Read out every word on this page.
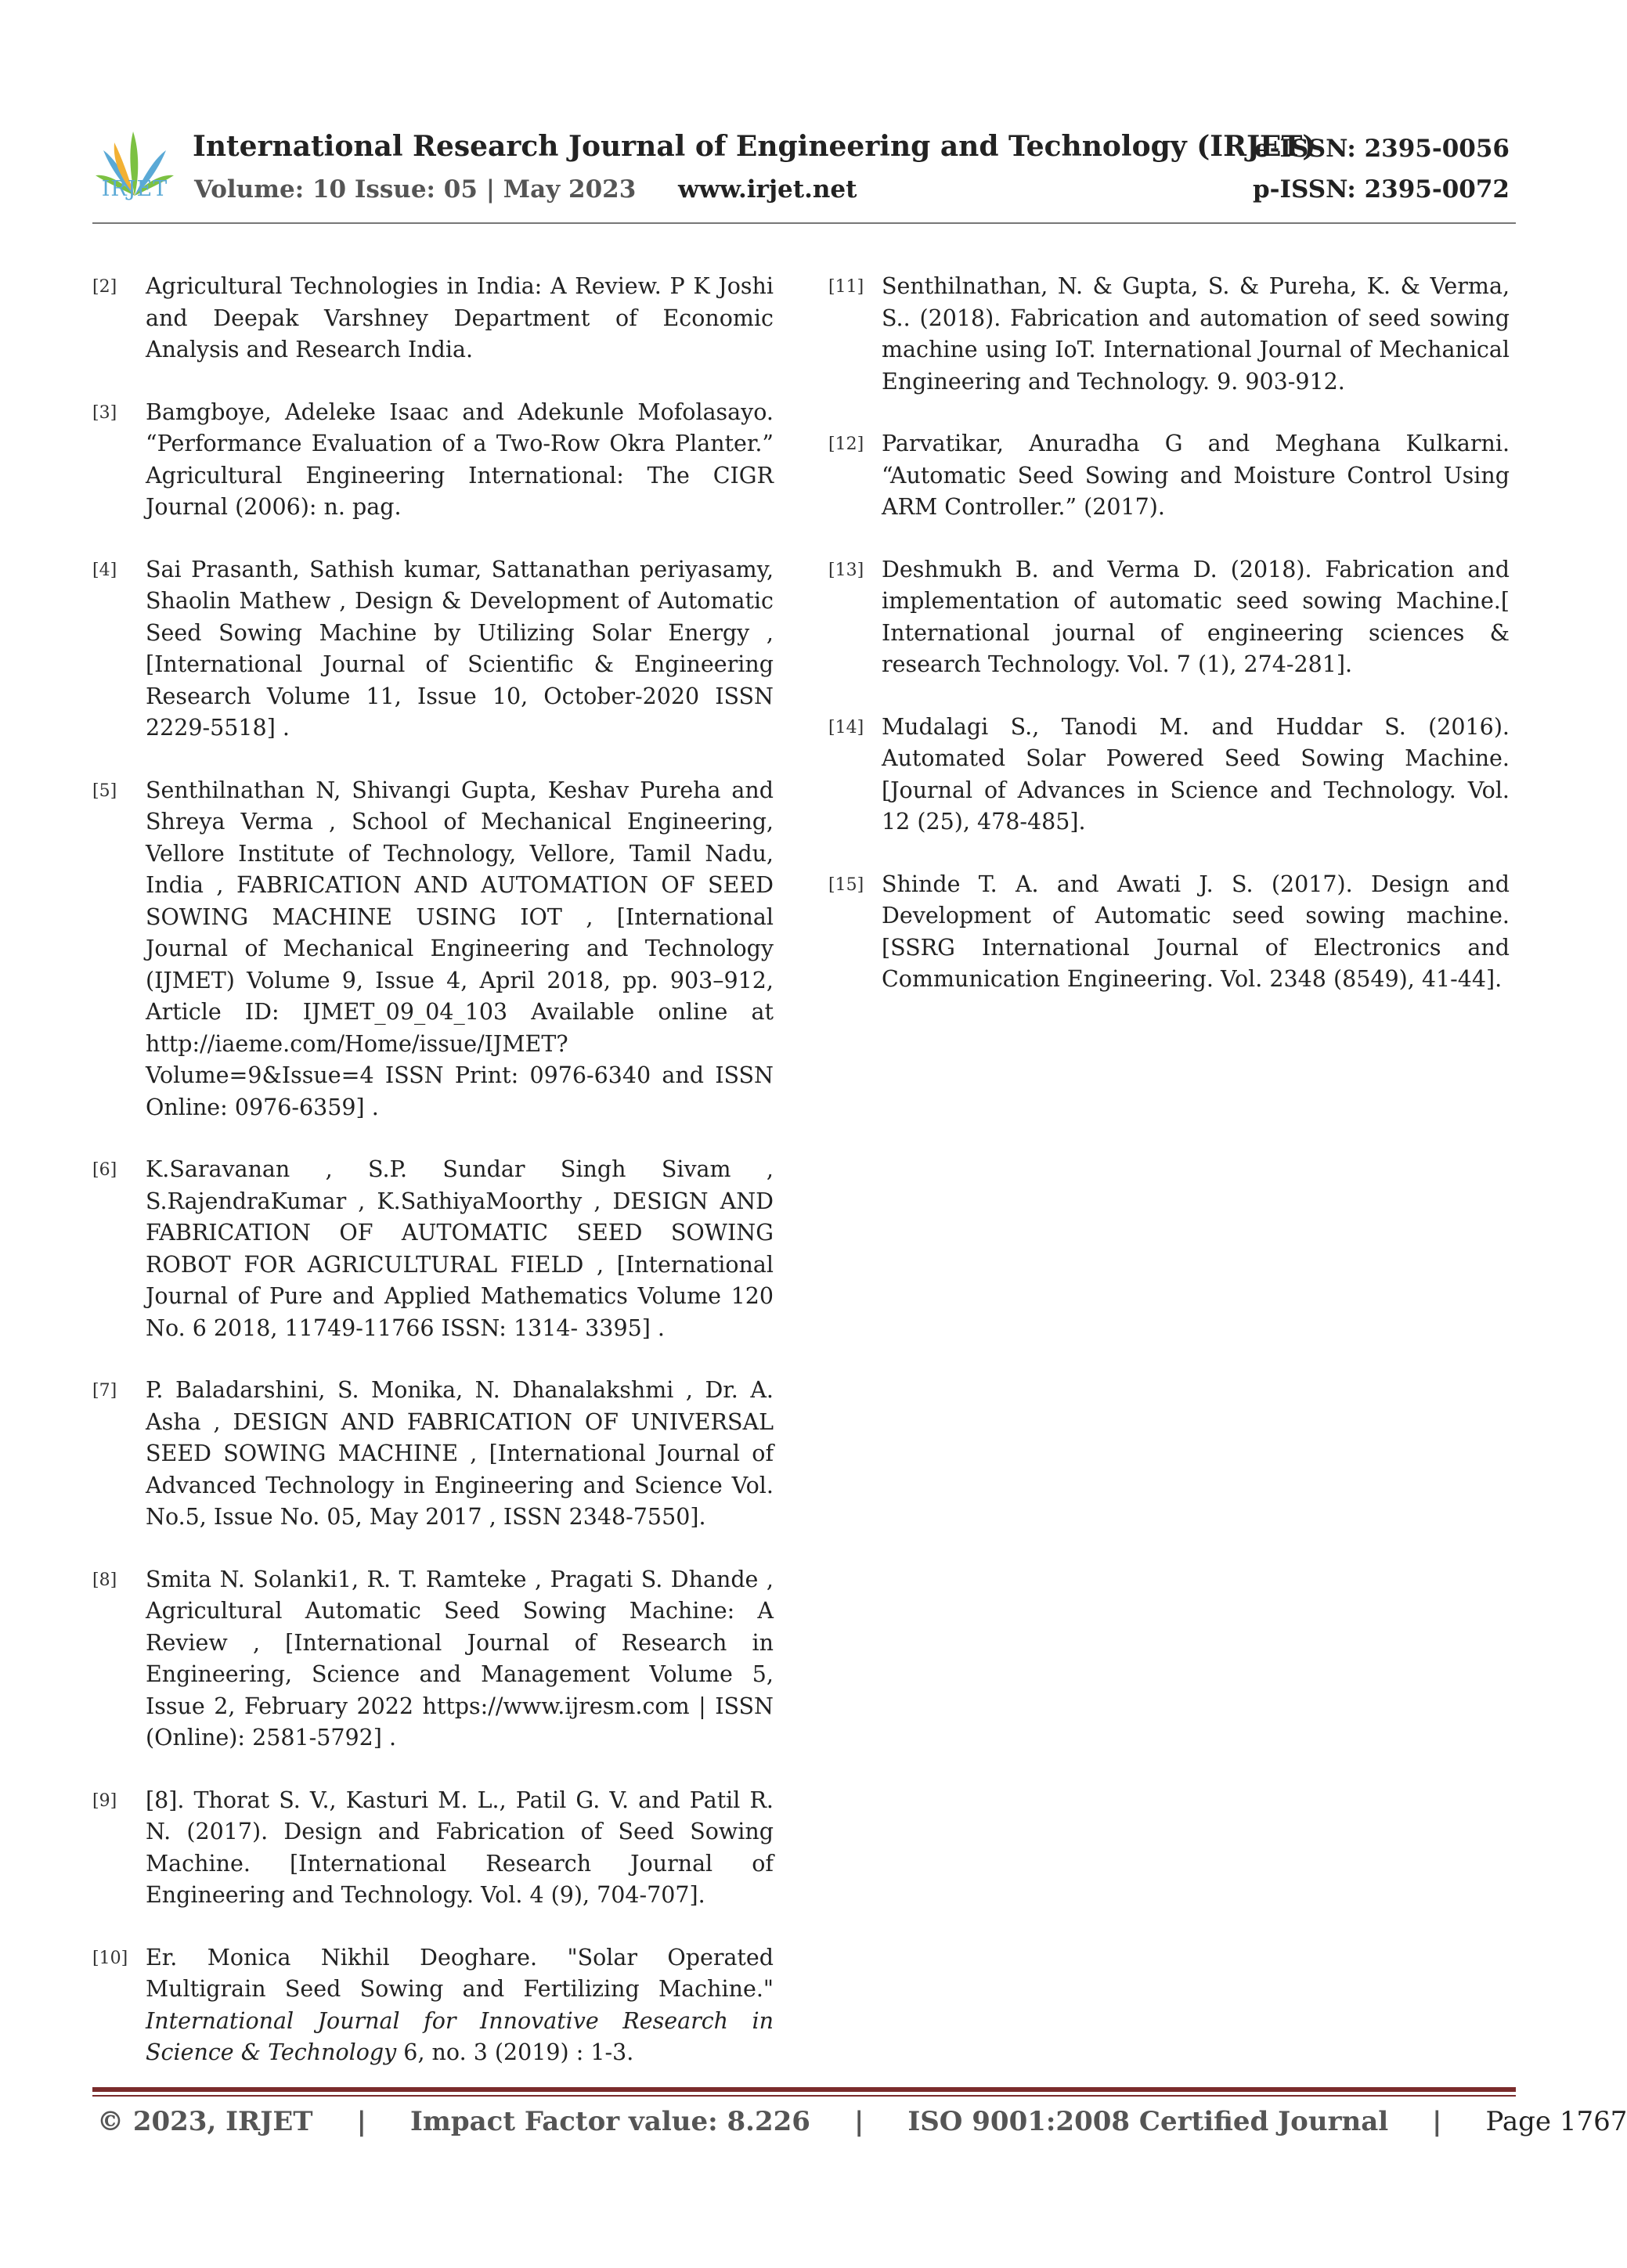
IRJET
International Research Journal of Engineering and Technology (IRJET)
Volume: 10 Issue: 05 | May 2023 www.irjet.net
e-ISSN: 2395-0056
p-ISSN: 2395-0072
[2]	Agricultural Technologies in India: A Review. P K Joshi and Deepak Varshney Department of Economic Analysis and Research India.
[3]	Bamgboye, Adeleke Isaac and Adekunle Mofolasayo. “Performance Evaluation of a Two-Row Okra Planter.” Agricultural Engineering International: The CIGR Journal (2006): n. pag.
[4]	Sai Prasanth, Sathish kumar, Sattanathan periyasamy, Shaolin Mathew , Design & Development of Automatic Seed Sowing Machine by Utilizing Solar Energy , [International Journal of Scientific & Engineering Research Volume 11, Issue 10, October-2020 ISSN 2229-5518] .
[5]	Senthilnathan N, Shivangi Gupta, Keshav Pureha and Shreya Verma , School of Mechanical Engineering, Vellore Institute of Technology, Vellore, Tamil Nadu, India , FABRICATION AND AUTOMATION OF SEED SOWING MACHINE USING IOT , [International Journal of Mechanical Engineering and Technology (IJMET) Volume 9, Issue 4, April 2018, pp. 903–912, Article ID: IJMET_09_04_103 Available online at http://iaeme.com/Home/issue/IJMET?Volume=9&Issue=4 ISSN Print: 0976-6340 and ISSN Online: 0976-6359] .
[6]	K.Saravanan , S.P. Sundar Singh Sivam , S.RajendraKumar , K.SathiyaMoorthy , DESIGN AND FABRICATION OF AUTOMATIC SEED SOWING ROBOT FOR AGRICULTURAL FIELD , [International Journal of Pure and Applied Mathematics Volume 120 No. 6 2018, 11749-11766 ISSN: 1314- 3395] .
[7]	P. Baladarshini, S. Monika, N. Dhanalakshmi , Dr. A. Asha , DESIGN AND FABRICATION OF UNIVERSAL SEED SOWING MACHINE , [International Journal of Advanced Technology in Engineering and Science Vol. No.5, Issue No. 05, May 2017 , ISSN 2348-7550].
[8]	Smita N. Solanki1, R. T. Ramteke , Pragati S. Dhande , Agricultural Automatic Seed Sowing Machine: A Review , [International Journal of Research in Engineering, Science and Management Volume 5, Issue 2, February 2022 https://www.ijresm.com | ISSN (Online): 2581-5792] .
[9]	[8]. Thorat S. V., Kasturi M. L., Patil G. V. and Patil R. N. (2017). Design and Fabrication of Seed Sowing Machine. [International Research Journal of Engineering and Technology. Vol. 4 (9), 704-707].
[10] Er. Monica Nikhil Deoghare. "Solar Operated Multigrain Seed Sowing and Fertilizing Machine." International Journal for Innovative Research in Science & Technology 6, no. 3 (2019) : 1-3.
[11] Senthilnathan, N. & Gupta, S. & Pureha, K. & Verma, S.. (2018). Fabrication and automation of seed sowing machine using IoT. International Journal of Mechanical Engineering and Technology. 9. 903-912.
[12] Parvatikar, Anuradha G and Meghana Kulkarni. “Automatic Seed Sowing and Moisture Control Using ARM Controller.” (2017).
[13] Deshmukh B. and Verma D. (2018). Fabrication and implementation of automatic seed sowing Machine.[ International journal of engineering sciences & research Technology. Vol. 7 (1), 274-281].
[14] Mudalagi S., Tanodi M. and Huddar S. (2016). Automated Solar Powered Seed Sowing Machine. [Journal of Advances in Science and Technology. Vol. 12 (25), 478-485].
[15] Shinde T. A. and Awati J. S. (2017). Design and Development of Automatic seed sowing machine. [SSRG International Journal of Electronics and Communication Engineering. Vol. 2348 (8549), 41-44].
© 2023, IRJET | Impact Factor value: 8.226 | ISO 9001:2008 Certified Journal | Page 1767
